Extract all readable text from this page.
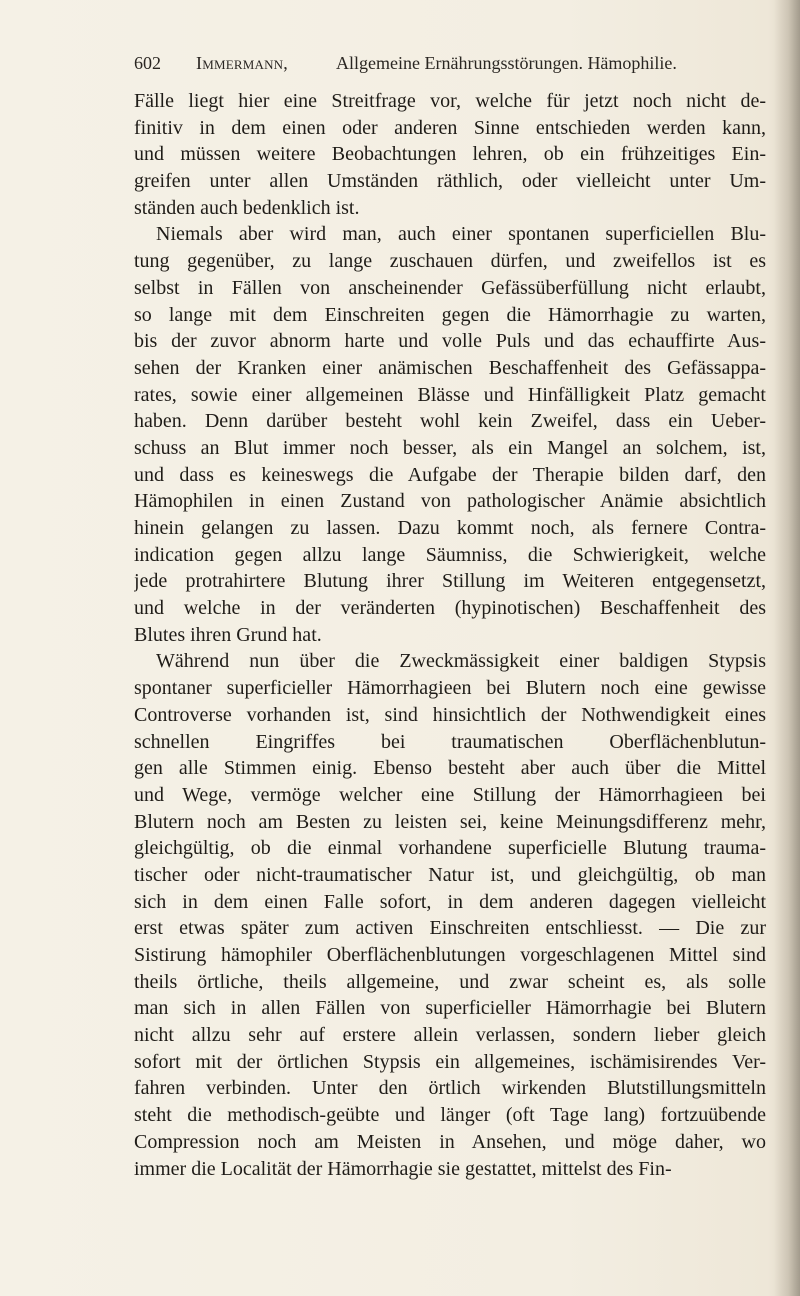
602	Immermann,	Allgemeine Ernährungsstörungen. Hämophilie.
Fälle liegt hier eine Streitfrage vor, welche für jetzt noch nicht de-
finitiv in dem einen oder anderen Sinne entschieden werden kann,
und müssen weitere Beobachtungen lehren, ob ein frühzeitiges Ein-
greifen unter allen Umständen räthlich, oder vielleicht unter Um-
ständen auch bedenklich ist.
Niemals aber wird man, auch einer spontanen superficiellen Blu-
tung gegenüber, zu lange zuschauen dürfen, und zweifellos ist es
selbst in Fällen von anscheinender Gefässüberfüllung nicht erlaubt,
so lange mit dem Einschreiten gegen die Hämorrhagie zu warten,
bis der zuvor abnorm harte und volle Puls und das echauffirte Aus-
sehen der Kranken einer anämischen Beschaffenheit des Gefässappa-
rates, sowie einer allgemeinen Blässe und Hinfälligkeit Platz gemacht
haben. Denn darüber besteht wohl kein Zweifel, dass ein Ueber-
schuss an Blut immer noch besser, als ein Mangel an solchem, ist,
und dass es keineswegs die Aufgabe der Therapie bilden darf, den
Hämophilen in einen Zustand von pathologischer Anämie absichtlich
hinein gelangen zu lassen. Dazu kommt noch, als fernere Contra-
indication gegen allzu lange Säumniss, die Schwierigkeit, welche
jede protrahirtere Blutung ihrer Stillung im Weiteren entgegensetzt,
und welche in der veränderten (hypinotischen) Beschaffenheit des
Blutes ihren Grund hat.
Während nun über die Zweckmässigkeit einer baldigen Stypsis
spontaner superficieller Hämorrhagieen bei Blutern noch eine gewisse
Controverse vorhanden ist, sind hinsichtlich der Nothwendigkeit eines
schnellen Eingriffes bei traumatischen Oberflächenblutun-
gen alle Stimmen einig. Ebenso besteht aber auch über die Mittel
und Wege, vermöge welcher eine Stillung der Hämorrhagieen bei
Blutern noch am Besten zu leisten sei, keine Meinungsdifferenz mehr,
gleichgültig, ob die einmal vorhandene superficielle Blutung trauma-
tischer oder nicht-traumatischer Natur ist, und gleichgültig, ob man
sich in dem einen Falle sofort, in dem anderen dagegen vielleicht
erst etwas später zum activen Einschreiten entschliesst. — Die zur
Sistirung hämophiler Oberflächenblutungen vorgeschlagenen Mittel sind
theils örtliche, theils allgemeine, und zwar scheint es, als solle
man sich in allen Fällen von superficieller Hämorrhagie bei Blutern
nicht allzu sehr auf erstere allein verlassen, sondern lieber gleich
sofort mit der örtlichen Stypsis ein allgemeines, ischämisirendes Ver-
fahren verbinden. Unter den örtlich wirkenden Blutstillungsmitteln
steht die methodisch-geübte und länger (oft Tage lang) fortzuübende
Compression noch am Meisten in Ansehen, und möge daher, wo
immer die Localität der Hämorrhagie sie gestattet, mittelst des Fin-
